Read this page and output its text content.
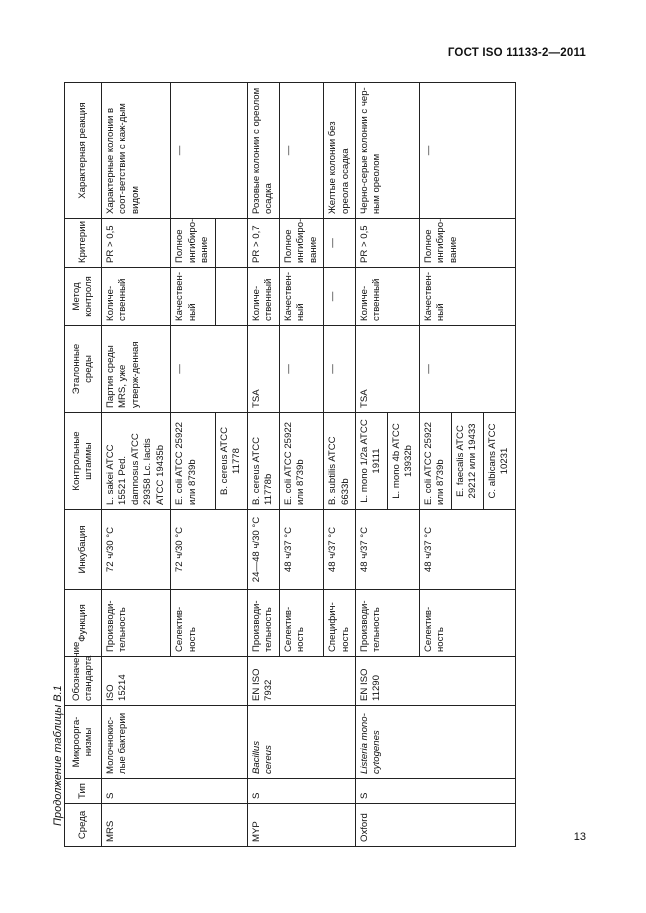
ГОСТ ISO 11133-2—2011
Продолжение таблицы В.1 Среда	Тип	Микроорга-низмы	Обозначение стандарта	Функция	Инкубация	Контрольные штаммы	Эталонные среды	Метод контроля	Критерии	Характерная реакция
MRS	S	Молочнокис-лые бактерии	ISO 15214	Производи-тельность	72 ч/30 °С	L. sakei ATCC 15521 Ped. damnosus ATCC 29358 Lc. lactis ATCC 19435b	Партия среды MRS, уже утверж-денная	Количе-ственный	PR > 0,5	Характерные колонии в соот-ветствии с каж-дым видом
				Селектив-ность	72 ч/30 °С	E. coli ATCC 25922 или 8739b	—	Качествен-ный	Полное ингибиро-вание	—
						B. cereus ATCC 11778				
MYP	S	Bacillus cereus	EN ISO 7932	Производи-тельность	24—48 ч/30 °С	B. cereus ATCC 11778b	TSA	Количе-ственный	PR > 0,7	Розовые колонии с ореолом осадка
				Селектив-ность	48 ч/37 °С	E. coli ATCC 25922 или 8739b	—	Качествен-ный	Полное ингибиро-вание	—
				Специфич-ность	48 ч/37 °С	B. subtilis ATCC 6633b	—	—	—	Желтые колонии без ореола осадка
Oxford	S	Listeria mono-cytogenes	EN ISO 11290	Производи-тельность	48 ч/37 °С	L. mono 1/2a ATCC 19111	TSA	Количе-ственный	PR > 0,5	Черно-серые колонии с чер-ным ореолом
						L. mono 4b ATCC 13932b				
				Селектив-ность	48 ч/37 °С	E. coli ATCC 25922 или 8739b	—	Качествен-ный	Полное ингибиро-вание	—
						E. faecalis ATCC 29212 или 19433				
						C. albicans ATCC 10231				
13
